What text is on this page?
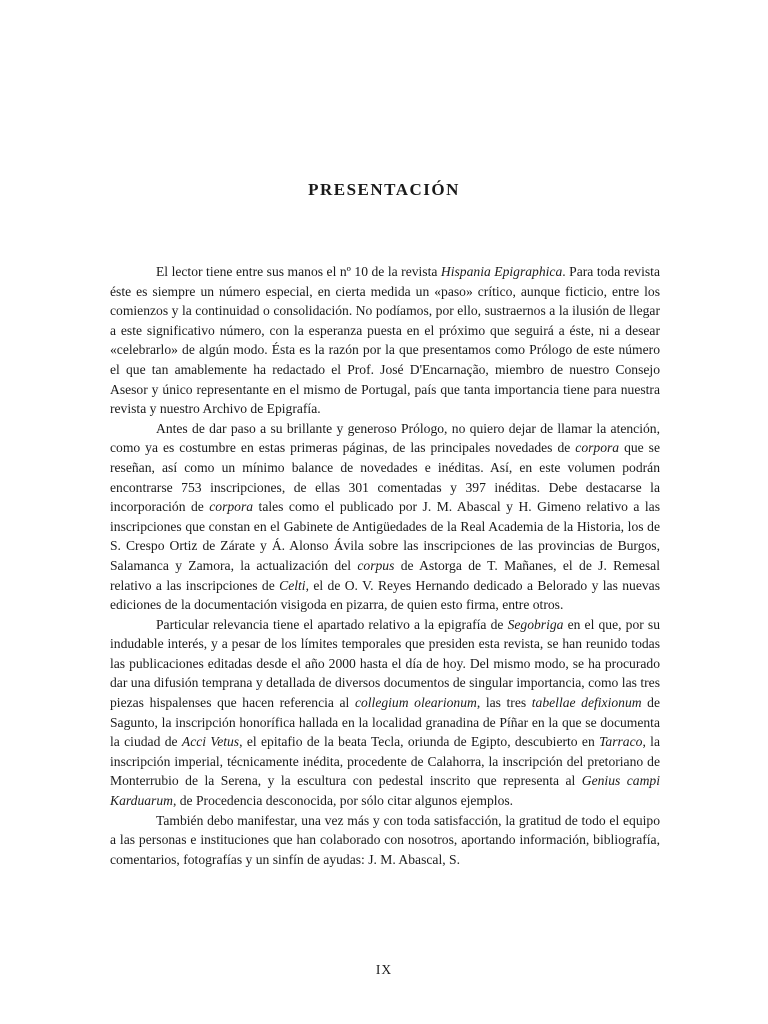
PRESENTACIÓN

El lector tiene entre sus manos el nº 10 de la revista Hispania Epigraphica. Para toda revista éste es siempre un número especial, en cierta medida un «paso» crítico, aunque ficticio, entre los comienzos y la continuidad o consolidación. No podíamos, por ello, sustraernos a la ilusión de llegar a este significativo número, con la esperanza puesta en el próximo que seguirá a éste, ni a desear «celebrarlo» de algún modo. Ésta es la razón por la que presentamos como Prólogo de este número el que tan amablemente ha redactado el Prof. José D'Encarnação, miembro de nuestro Consejo Asesor y único representante en el mismo de Portugal, país que tanta importancia tiene para nuestra revista y nuestro Archivo de Epigrafía.

Antes de dar paso a su brillante y generoso Prólogo, no quiero dejar de llamar la atención, como ya es costumbre en estas primeras páginas, de las principales novedades de corpora que se reseñan, así como un mínimo balance de novedades e inéditas. Así, en este volumen podrán encontrarse 753 inscripciones, de ellas 301 comentadas y 397 inéditas. Debe destacarse la incorporación de corpora tales como el publicado por J. M. Abascal y H. Gimeno relativo a las inscripciones que constan en el Gabinete de Antigüedades de la Real Academia de la Historia, los de S. Crespo Ortiz de Zárate y Á. Alonso Ávila sobre las inscripciones de las provincias de Burgos, Salamanca y Zamora, la actualización del corpus de Astorga de T. Mañanes, el de J. Remesal relativo a las inscripciones de Celti, el de O. V. Reyes Hernando dedicado a Belorado y las nuevas ediciones de la documentación visigoda en pizarra, de quien esto firma, entre otros.

Particular relevancia tiene el apartado relativo a la epigrafía de Segobriga en el que, por su indudable interés, y a pesar de los límites temporales que presiden esta revista, se han reunido todas las publicaciones editadas desde el año 2000 hasta el día de hoy. Del mismo modo, se ha procurado dar una difusión temprana y detallada de diversos documentos de singular importancia, como las tres piezas hispalenses que hacen referencia al collegium olearionum, las tres tabellae defixionum de Sagunto, la inscripción honorífica hallada en la localidad granadina de Píñar en la que se documenta la ciudad de Acci Vetus, el epitafio de la beata Tecla, oriunda de Egipto, descubierto en Tarraco, la inscripción imperial, técnicamente inédita, procedente de Calahorra, la inscripción del pretoriano de Monterrubio de la Serena, y la escultura con pedestal inscrito que representa al Genius campi Karduarum, de Procedencia desconocida, por sólo citar algunos ejemplos.

También debo manifestar, una vez más y con toda satisfacción, la gratitud de todo el equipo a las personas e instituciones que han colaborado con nosotros, aportando información, bibliografía, comentarios, fotografías y un sinfín de ayudas: J. M. Abascal, S.

IX
